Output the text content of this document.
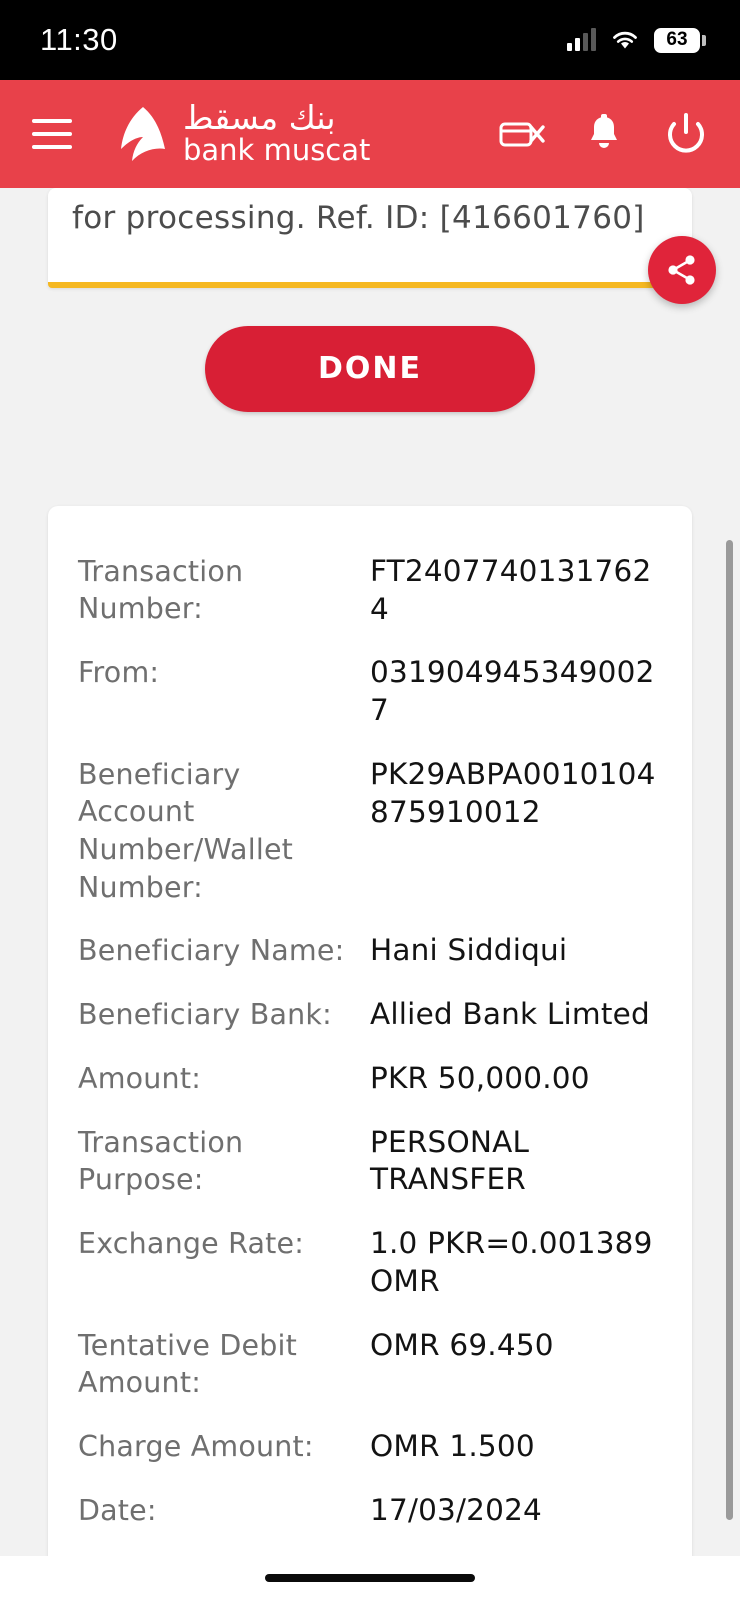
11:30	63
بنك مسقط
bank muscat
for processing. Ref. ID: [416601760]
DONE
Transaction Number:
FT24077401317624
From:	0319049453490027
Beneficiary Account Number/Wallet Number:
PK29ABPA0010104875910012
Beneficiary Name: Hani Siddiqui
Beneficiary Bank:	Allied Bank Limted
Amount:	PKR 50,000.00
Transaction Purpose:
PERSONAL TRANSFER
Exchange Rate:	1.0 PKR=0.001389 OMR
Tentative Debit Amount:
OMR 69.450
Charge Amount:	OMR 1.500
Date:	17/03/2024
